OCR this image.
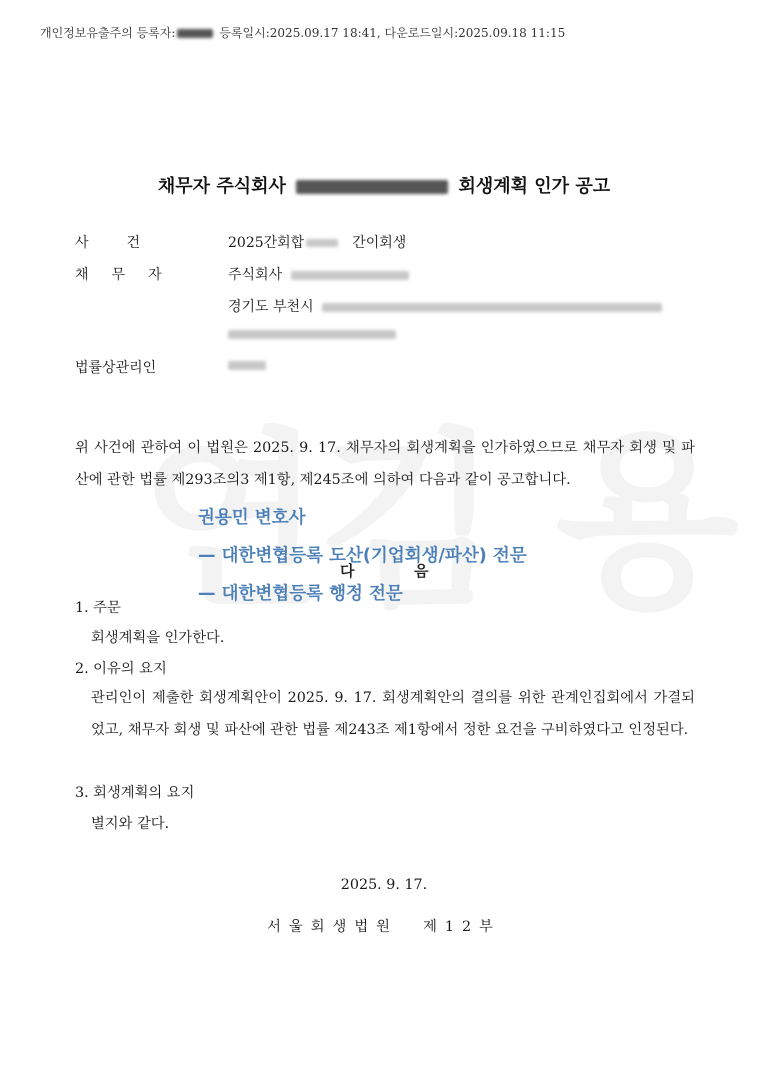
개인정보유출주의 등록자:	등록일시:2025.09.17 18:41, 다운로드일시:2025.09.18 11:15
채무자 주식회사	회생계획 인가 공고
사건	2025간회합	간이회생
채무자	주식회사
경기도 부천시
법률상관리인
위 사건에 관하여 이 법원은 2025. 9. 17. 채무자의 회생계획을 인가하였으므로 채무자 회생 및 파산에 관한 법률 제293조의3 제1항, 제245조에 의하여 다음과 같이 공고합니다.
권용민 변호사
— 대한변협등록 도산(기업회생/파산) 전문
— 대한변협등록 행정 전문
다	음
1. 주문
회생계획을 인가한다.
2. 이유의 요지
관리인이 제출한 회생계획안이 2025. 9. 17. 회생계획안의 결의를 위한 관계인집회에서 가결되었고, 채무자 회생 및 파산에 관한 법률 제243조 제1항에서 정한 요건을 구비하였다고 인정된다.
3. 회생계획의 요지
별지와 같다.
2025. 9. 17.
서울회생법원  제12부
